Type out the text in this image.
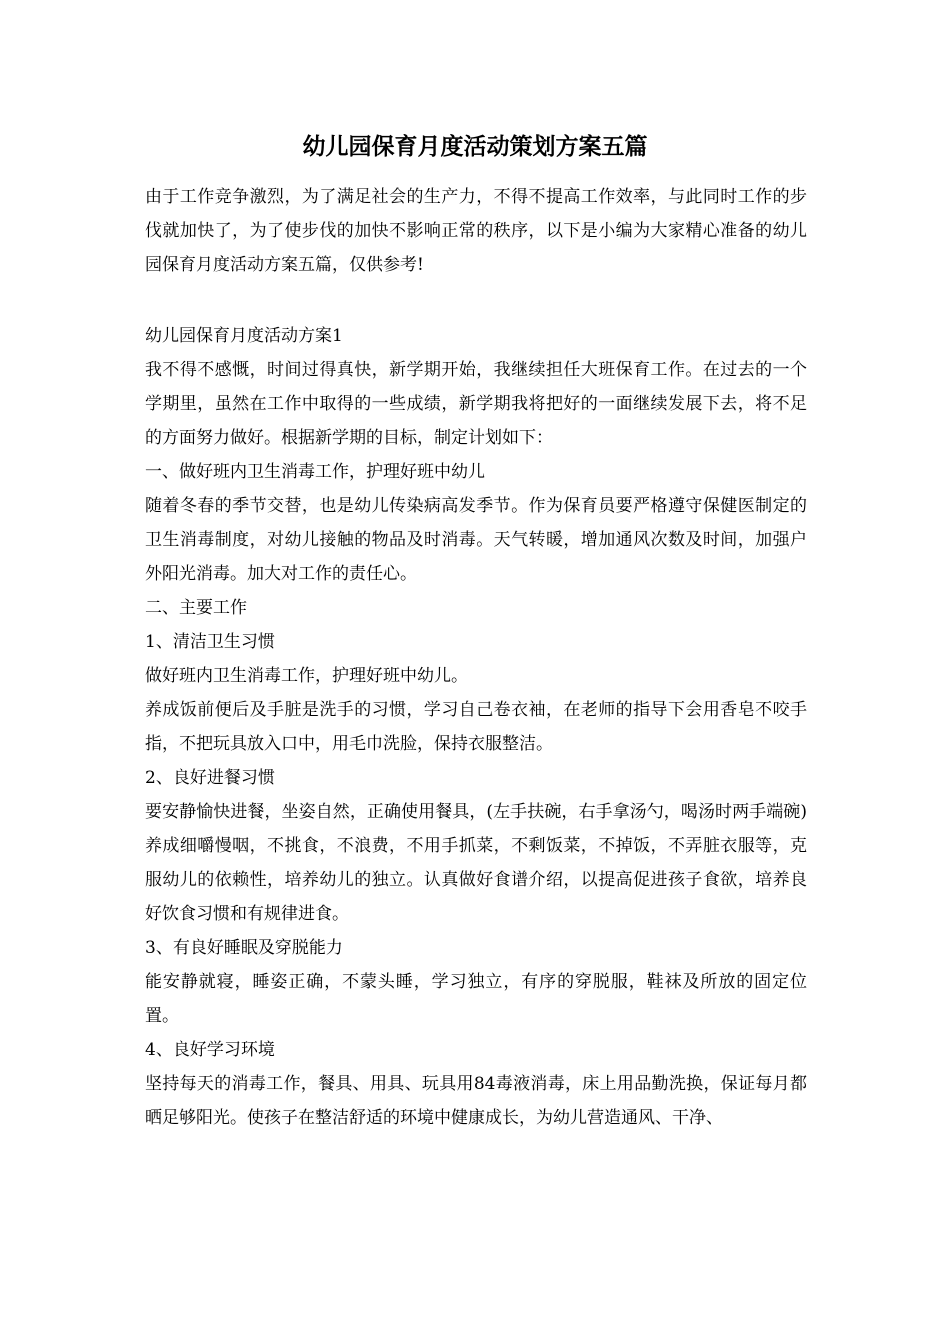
幼儿园保育月度活动策划方案五篇

由于工作竞争激烈，为了满足社会的生产力，不得不提高工作效率，与此同时工作的步伐就加快了，为了使步伐的加快不影响正常的秩序，以下是小编为大家精心准备的幼儿园保育月度活动方案五篇，仅供参考!

幼儿园保育月度活动方案1

我不得不感慨，时间过得真快，新学期开始，我继续担任大班保育工作。在过去的一个学期里，虽然在工作中取得的一些成绩，新学期我将把好的一面继续发展下去，将不足的方面努力做好。根据新学期的目标，制定计划如下：

一、做好班内卫生消毒工作，护理好班中幼儿

随着冬春的季节交替，也是幼儿传染病高发季节。作为保育员要严格遵守保健医制定的卫生消毒制度，对幼儿接触的物品及时消毒。天气转暖，增加通风次数及时间，加强户外阳光消毒。加大对工作的责任心。

二、主要工作

1、清洁卫生习惯

做好班内卫生消毒工作，护理好班中幼儿。

养成饭前便后及手脏是洗手的习惯，学习自己卷衣袖，在老师的指导下会用香皂不咬手指，不把玩具放入口中，用毛巾洗脸，保持衣服整洁。

2、良好进餐习惯

要安静愉快进餐，坐姿自然，正确使用餐具，(左手扶碗，右手拿汤勺，喝汤时两手端碗)养成细嚼慢咽，不挑食，不浪费，不用手抓菜，不剩饭菜，不掉饭，不弄脏衣服等，克服幼儿的依赖性，培养幼儿的独立。认真做好食谱介绍，以提高促进孩子食欲，培养良好饮食习惯和有规律进食。

3、有良好睡眠及穿脱能力

能安静就寝，睡姿正确，不蒙头睡，学习独立，有序的穿脱服，鞋袜及所放的固定位置。

4、良好学习环境

坚持每天的消毒工作，餐具、用具、玩具用84毒液消毒，床上用品勤洗换，保证每月都晒足够阳光。使孩子在整洁舒适的环境中健康成长，为幼儿营造通风、干净、
